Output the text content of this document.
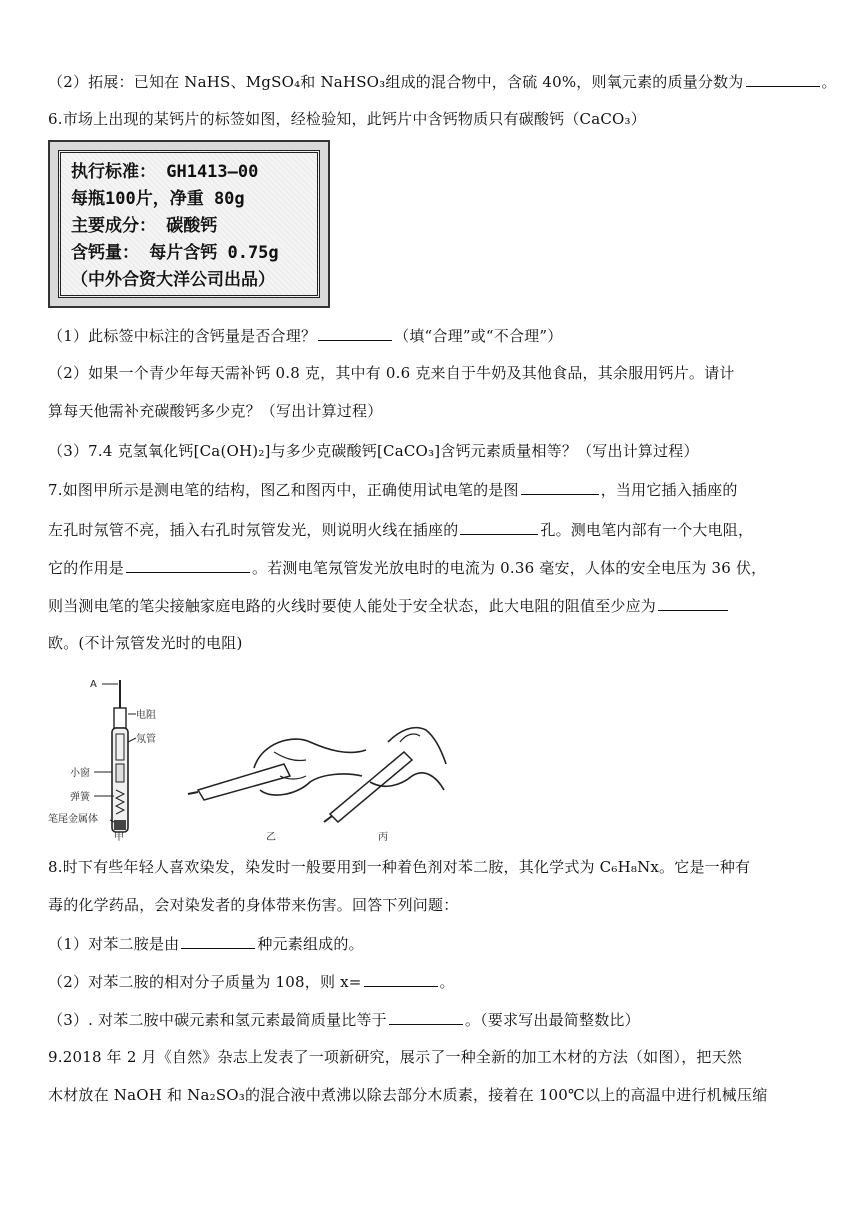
（2）拓展：已知在 NaHS、MgSO₄和 NaHSO₃组成的混合物中，含硫 40%，则氧元素的质量分数为	。
6.市场上出现的某钙片的标签如图，经检验知，此钙片中含钙物质只有碳酸钙（CaCO₃）
执行标准： GH1413—00
每瓶100片，净重 80g
主要成分： 碳酸钙
含钙量： 每片含钙 0.75g
（中外合资大洋公司出品）
（1）此标签中标注的含钙量是否合理？	（填“合理”或“不合理”）
（2）如果一个青少年每天需补钙 0.8 克，其中有 0.6 克来自于牛奶及其他食品，其余服用钙片。请计
算每天他需补充碳酸钙多少克？（写出计算过程）
（3）7.4 克氢氧化钙[Ca(OH)₂]与多少克碳酸钙[CaCO₃]含钙元素质量相等？（写出计算过程）
7.如图甲所示是测电笔的结构，图乙和图丙中，正确使用试电笔的是图	，当用它插入插座的
左孔时氖管不亮，插入右孔时氖管发光，则说明火线在插座的	孔。测电笔内部有一个大电阻，
它的作用是	。若测电笔氖管发光放电时的电流为 0.36 毫安，人体的安全电压为 36 伏，
则当测电笔的笔尖接触家庭电路的火线时要使人能处于安全状态，此大电阻的阻值至少应为
欧。(不计氖管发光时的电阻)
A
电阻
氖管
小窗
弹簧
笔尾金属体
甲	乙	丙
8.时下有些年轻人喜欢染发，染发时一般要用到一种着色剂对苯二胺，其化学式为 C₆H₈Nx。它是一种有
毒的化学药品，会对染发者的身体带来伤害。回答下列问题：
（1）对苯二胺是由	种元素组成的。
（2）对苯二胺的相对分子质量为 108，则 x=	。
（3）. 对苯二胺中碳元素和氢元素最简质量比等于	。（要求写出最简整数比）
9.2018 年 2 月《自然》杂志上发表了一项新研究，展示了一种全新的加工木材的方法（如图），把天然
木材放在 NaOH 和 Na₂SO₃的混合液中煮沸以除去部分木质素，接着在 100℃以上的高温中进行机械压缩
